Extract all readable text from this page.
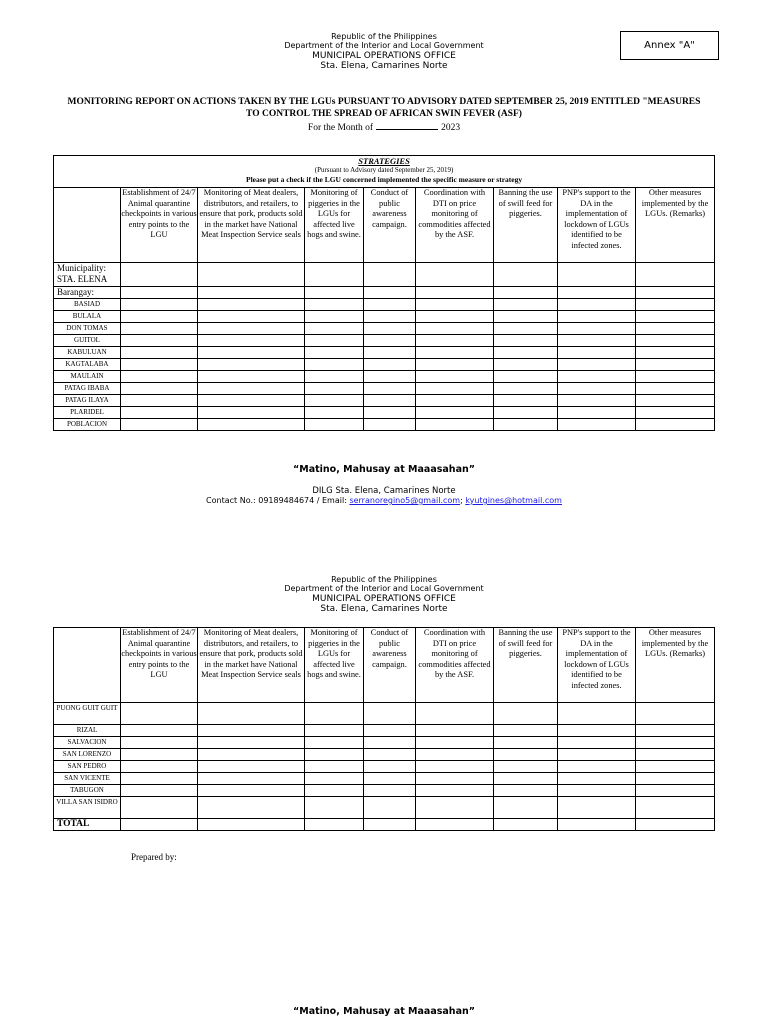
Republic of the Philippines
Department of the Interior and Local Government
MUNICIPAL OPERATIONS OFFICE
Sta. Elena, Camarines Norte
Annex "A"
MONITORING REPORT ON ACTIONS TAKEN BY THE LGUs PURSUANT TO ADVISORY DATED SEPTEMBER 25, 2019 ENTITLED "MEASURES
TO CONTROL THE SPREAD OF AFRICAN SWIN FEVER (ASF)
For the Month of	2023
STRATEGIES
(Pursuant to Advisory dated September 25, 2019)
Please put a check if the LGU concerned implemented the specific measure or strategy								

	Establishment of 24/7 Animal quarantine checkpoints in various entry points to the LGU	Monitoring of Meat dealers, distributors, and retailers, to ensure that pork, products sold in the market have National Meat Inspection Service seals	Monitoring of piggeries in the LGUs for affected live hogs and swine.	Conduct of public awareness campaign.	Coordination with DTI on price monitoring of commodities affected by the ASF.	Banning the use of swill feed for piggeries.	PNP's support to the DA in the implementation of lockdown of LGUs identified to be infected zones.	Other measures implemented by the LGUs. (Remarks)

Municipality:
STA. ELENA								

Barangay:								
BASIAD								
BULALA								
DON TOMAS								
GUITOL								
KABULUAN								
KAGTALABA								
MAULAIN								
PATAG IBABA								
PATAG ILAYA								
PLARIDEL								
POBLACION								
“Matino, Mahusay at Maaasahan”
DILG Sta. Elena, Camarines Norte
Contact No.: 09189484674 / Email: serranoregino5@gmail.com; kyutgines@hotmail.com
Republic of the Philippines
Department of the Interior and Local Government
MUNICIPAL OPERATIONS OFFICE
Sta. Elena, Camarines Norte
	Establishment of 24/7 Animal quarantine checkpoints in various entry points to the LGU	Monitoring of Meat dealers, distributors, and retailers, to ensure that pork, products sold in the market have National Meat Inspection Service seals	Monitoring of piggeries in the LGUs for affected live hogs and swine.	Conduct of public awareness campaign.	Coordination with DTI on price monitoring of commodities affected by the ASF.	Banning the use of swill feed for piggeries.	PNP's support to the DA in the implementation of lockdown of LGUs identified to be infected zones.	Other measures implemented by the LGUs. (Remarks)
PUONG GUIT GUIT								
RIZAL								
SALVACION								
SAN LORENZO								
SAN PEDRO								
SAN VICENTE								
TABUGON								
VILLA SAN ISIDRO								
TOTAL								
Prepared by:
“Matino, Mahusay at Maaasahan”
